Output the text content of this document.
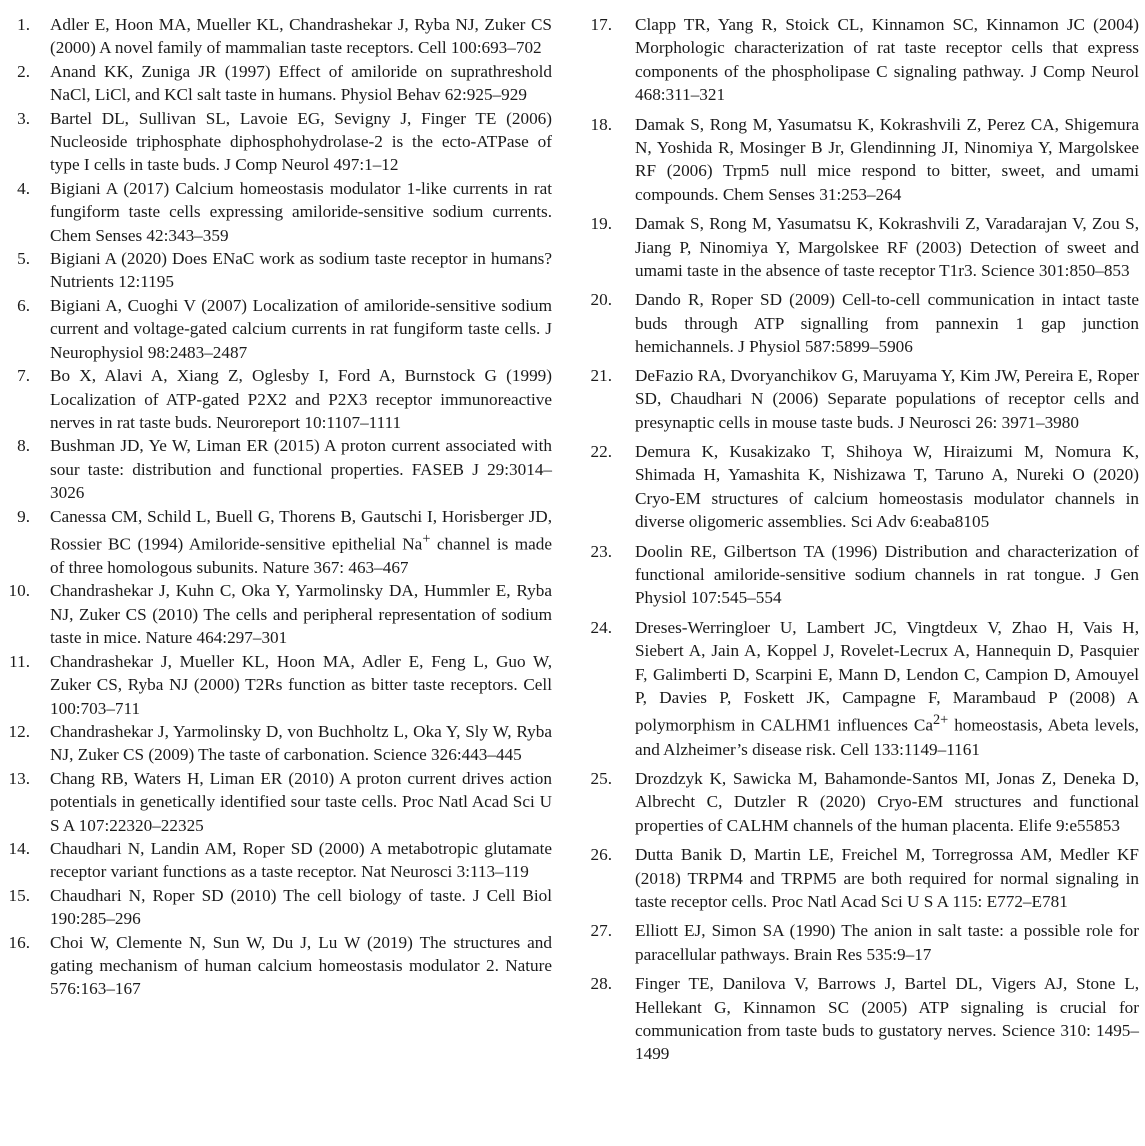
1.	Adler E, Hoon MA, Mueller KL, Chandrashekar J, Ryba NJ, Zuker CS (2000) A novel family of mammalian taste receptors. Cell 100:693–702
2.	Anand KK, Zuniga JR (1997) Effect of amiloride on suprathreshold NaCl, LiCl, and KCl salt taste in humans. Physiol Behav 62:925–929
3.	Bartel DL, Sullivan SL, Lavoie EG, Sevigny J, Finger TE (2006) Nucleoside triphosphate diphosphohydrolase-2 is the ecto-ATPase of type I cells in taste buds. J Comp Neurol 497:1–12
4.	Bigiani A (2017) Calcium homeostasis modulator 1-like currents in rat fungiform taste cells expressing amiloride-sensitive sodium currents. Chem Senses 42:343–359
5.	Bigiani A (2020) Does ENaC work as sodium taste receptor in humans? Nutrients 12:1195
6.	Bigiani A, Cuoghi V (2007) Localization of amiloride-sensitive sodium current and voltage-gated calcium currents in rat fungiform taste cells. J Neurophysiol 98:2483–2487
7.	Bo X, Alavi A, Xiang Z, Oglesby I, Ford A, Burnstock G (1999) Localization of ATP-gated P2X2 and P2X3 receptor immunoreactive nerves in rat taste buds. Neuroreport 10:1107–1111
8.	Bushman JD, Ye W, Liman ER (2015) A proton current associated with sour taste: distribution and functional properties. FASEB J 29:3014–3026
9.	Canessa CM, Schild L, Buell G, Thorens B, Gautschi I, Horisberger JD, Rossier BC (1994) Amiloride-sensitive epithelial Na+ channel is made of three homologous subunits. Nature 367: 463–467
10.	Chandrashekar J, Kuhn C, Oka Y, Yarmolinsky DA, Hummler E, Ryba NJ, Zuker CS (2010) The cells and peripheral representation of sodium taste in mice. Nature 464:297–301
11.	Chandrashekar J, Mueller KL, Hoon MA, Adler E, Feng L, Guo W, Zuker CS, Ryba NJ (2000) T2Rs function as bitter taste receptors. Cell 100:703–711
12.	Chandrashekar J, Yarmolinsky D, von Buchholtz L, Oka Y, Sly W, Ryba NJ, Zuker CS (2009) The taste of carbonation. Science 326:443–445
13.	Chang RB, Waters H, Liman ER (2010) A proton current drives action potentials in genetically identified sour taste cells. Proc Natl Acad Sci U S A 107:22320–22325
14.	Chaudhari N, Landin AM, Roper SD (2000) A metabotropic glutamate receptor variant functions as a taste receptor. Nat Neurosci 3:113–119
15.	Chaudhari N, Roper SD (2010) The cell biology of taste. J Cell Biol 190:285–296
16.	Choi W, Clemente N, Sun W, Du J, Lu W (2019) The structures and gating mechanism of human calcium homeostasis modulator 2. Nature 576:163–167
17.	Clapp TR, Yang R, Stoick CL, Kinnamon SC, Kinnamon JC (2004) Morphologic characterization of rat taste receptor cells that express components of the phospholipase C signaling pathway. J Comp Neurol 468:311–321
18.	Damak S, Rong M, Yasumatsu K, Kokrashvili Z, Perez CA, Shigemura N, Yoshida R, Mosinger B Jr, Glendinning JI, Ninomiya Y, Margolskee RF (2006) Trpm5 null mice respond to bitter, sweet, and umami compounds. Chem Senses 31:253–264
19.	Damak S, Rong M, Yasumatsu K, Kokrashvili Z, Varadarajan V, Zou S, Jiang P, Ninomiya Y, Margolskee RF (2003) Detection of sweet and umami taste in the absence of taste receptor T1r3. Science 301:850–853
20.	Dando R, Roper SD (2009) Cell-to-cell communication in intact taste buds through ATP signalling from pannexin 1 gap junction hemichannels. J Physiol 587:5899–5906
21.	DeFazio RA, Dvoryanchikov G, Maruyama Y, Kim JW, Pereira E, Roper SD, Chaudhari N (2006) Separate populations of receptor cells and presynaptic cells in mouse taste buds. J Neurosci 26: 3971–3980
22.	Demura K, Kusakizako T, Shihoya W, Hiraizumi M, Nomura K, Shimada H, Yamashita K, Nishizawa T, Taruno A, Nureki O (2020) Cryo-EM structures of calcium homeostasis modulator channels in diverse oligomeric assemblies. Sci Adv 6:eaba8105
23.	Doolin RE, Gilbertson TA (1996) Distribution and characterization of functional amiloride-sensitive sodium channels in rat tongue. J Gen Physiol 107:545–554
24.	Dreses-Werringloer U, Lambert JC, Vingtdeux V, Zhao H, Vais H, Siebert A, Jain A, Koppel J, Rovelet-Lecrux A, Hannequin D, Pasquier F, Galimberti D, Scarpini E, Mann D, Lendon C, Campion D, Amouyel P, Davies P, Foskett JK, Campagne F, Marambaud P (2008) A polymorphism in CALHM1 influences $Ca^{2+}$ homeostasis, Abeta levels, and Alzheimer’s disease risk. Cell 133:1149–1161
25.	Drozdzyk K, Sawicka M, Bahamonde-Santos MI, Jonas Z, Deneka D, Albrecht C, Dutzler R (2020) Cryo-EM structures and functional properties of CALHM channels of the human placenta. Elife 9:e55853
26.	Dutta Banik D, Martin LE, Freichel M, Torregrossa AM, Medler KF (2018) TRPM4 and TRPM5 are both required for normal signaling in taste receptor cells. Proc Natl Acad Sci U S A 115: E772–E781
27.	Elliott EJ, Simon SA (1990) The anion in salt taste: a possible role for paracellular pathways. Brain Res 535:9–17
28.	Finger TE, Danilova V, Barrows J, Bartel DL, Vigers AJ, Stone L, Hellekant G, Kinnamon SC (2005) ATP signaling is crucial for communication from taste buds to gustatory nerves. Science 310: 1495–1499
